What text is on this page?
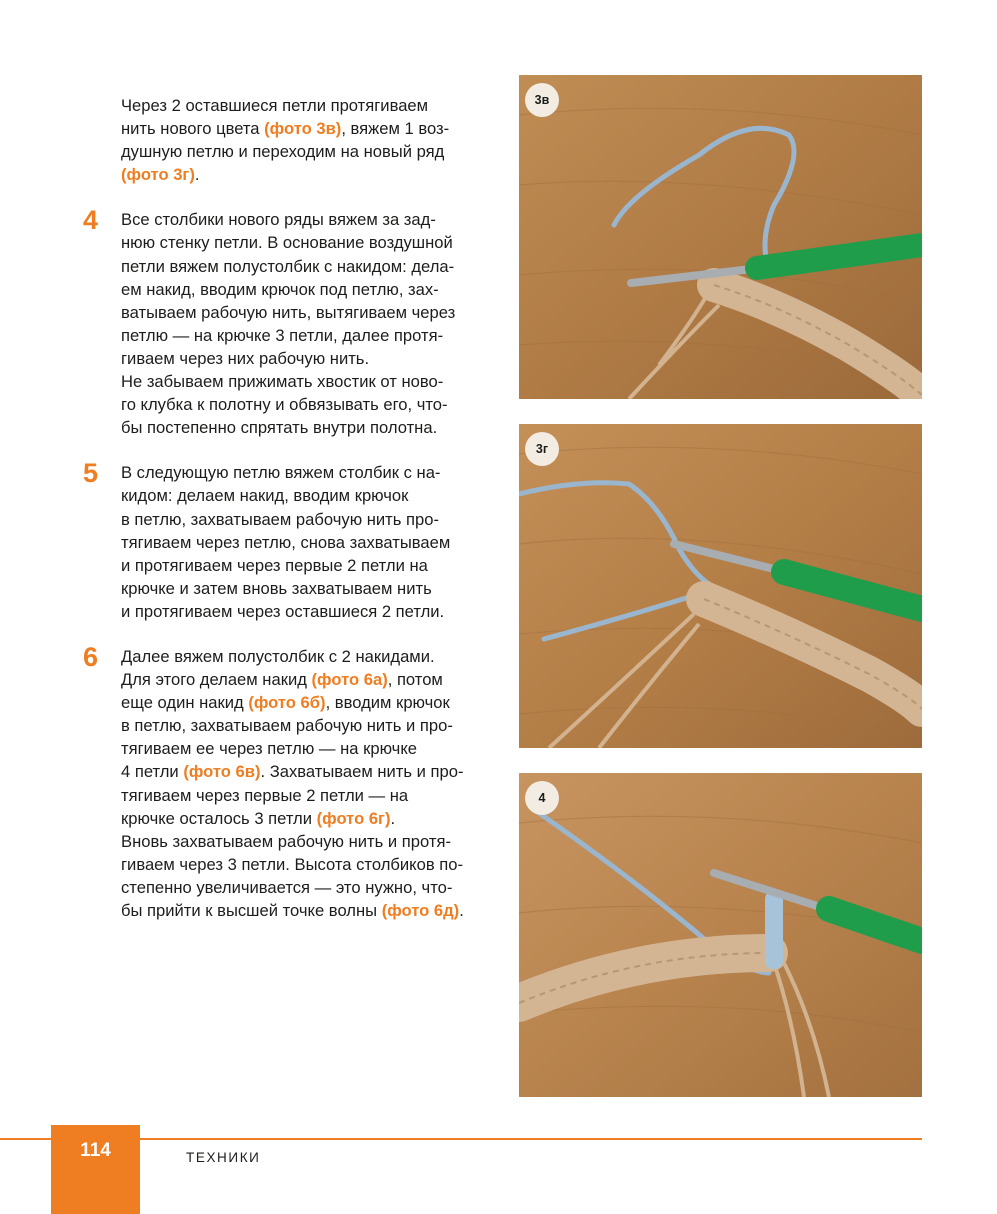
Через 2 оставшиеся петли протягиваем
нить нового цвета (фото 3в), вяжем 1 воз-
душную петлю и переходим на новый ряд
(фото 3г).

4 Все столбики нового ряды вяжем за зад-
нюю стенку петли. В основание воздушной
петли вяжем полустолбик с накидом: дела-
ем накид, вводим крючок под петлю, зах-
ватываем рабочую нить, вытягиваем через
петлю — на крючке 3 петли, далее протя-
гиваем через них рабочую нить.
Не забываем прижимать хвостик от ново-
го клубка к полотну и обвязывать его, что-
бы постепенно спрятать внутри полотна.

5 В следующую петлю вяжем столбик с на-
кидом: делаем накид, вводим крючок
в петлю, захватываем рабочую нить про-
тягиваем через петлю, снова захватываем
и протягиваем через первые 2 петли на
крючке и затем вновь захватываем нить
и протягиваем через оставшиеся 2 петли.

6 Далее вяжем полустолбик с 2 накидами.
Для этого делаем накид (фото 6а), потом
еще один накид (фото 6б), вводим крючок
в петлю, захватываем рабочую нить и про-
тягиваем ее через петлю — на крючке
4 петли (фото 6в). Захватываем нить и про-
тягиваем через первые 2 петли — на
крючке осталось 3 петли (фото 6г).
Вновь захватываем рабочую нить и протя-
гиваем через 3 петли. Высота столбиков по-
степенно увеличивается — это нужно, что-
бы прийти к высшей точке волны (фото 6д).

3в
3г
4
114	ТЕХНИКИ
